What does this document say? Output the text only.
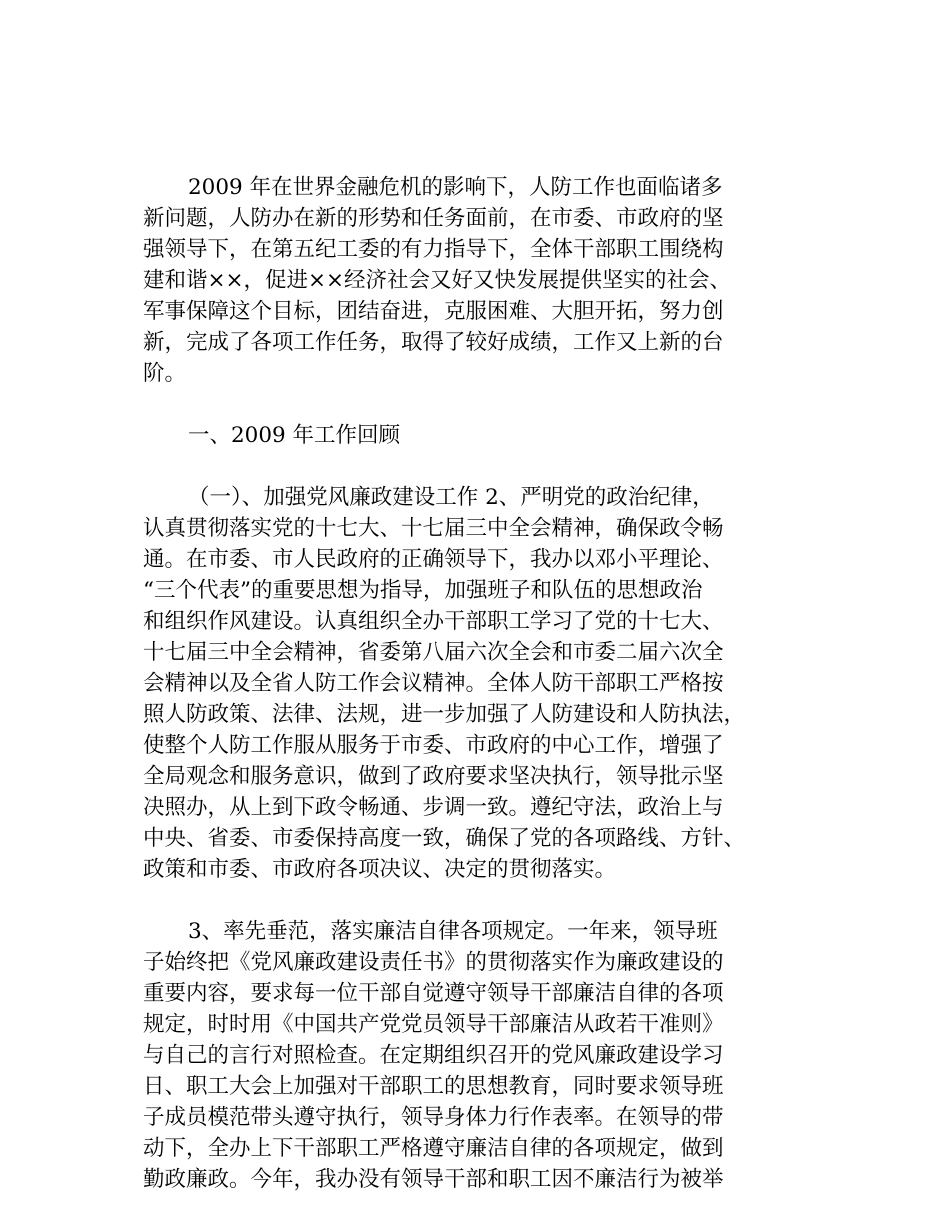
2009 年在世界金融危机的影响下，人防工作也面临诸多
新问题，人防办在新的形势和任务面前，在市委、市政府的坚
强领导下，在第五纪工委的有力指导下，全体干部职工围绕构
建和谐××，促进××经济社会又好又快发展提供坚实的社会、
军事保障这个目标，团结奋进，克服困难、大胆开拓，努力创
新，完成了各项工作任务，取得了较好成绩，工作又上新的台
阶。
一、2009 年工作回顾
（一）、加强党风廉政建设工作 2、严明党的政治纪律，
认真贯彻落实党的十七大、十七届三中全会精神，确保政令畅
通。在市委、市人民政府的正确领导下，我办以邓小平理论、
“三个代表”的重要思想为指导，加强班子和队伍的思想政治
和组织作风建设。认真组织全办干部职工学习了党的十七大、
十七届三中全会精神，省委第八届六次全会和市委二届六次全
会精神以及全省人防工作会议精神。全体人防干部职工严格按
照人防政策、法律、法规，进一步加强了人防建设和人防执法，
使整个人防工作服从服务于市委、市政府的中心工作，增强了
全局观念和服务意识，做到了政府要求坚决执行，领导批示坚
决照办，从上到下政令畅通、步调一致。遵纪守法，政治上与
中央、省委、市委保持高度一致，确保了党的各项路线、方针、
政策和市委、市政府各项决议、决定的贯彻落实。
3、率先垂范，落实廉洁自律各项规定。一年来，领导班
子始终把《党风廉政建设责任书》的贯彻落实作为廉政建设的
重要内容，要求每一位干部自觉遵守领导干部廉洁自律的各项
规定，时时用《中国共产党党员领导干部廉洁从政若干准则》
与自己的言行对照检查。在定期组织召开的党风廉政建设学习
日、职工大会上加强对干部职工的思想教育，同时要求领导班
子成员模范带头遵守执行，领导身体力行作表率。在领导的带
动下，全办上下干部职工严格遵守廉洁自律的各项规定，做到
勤政廉政。今年，我办没有领导干部和职工因不廉洁行为被举
